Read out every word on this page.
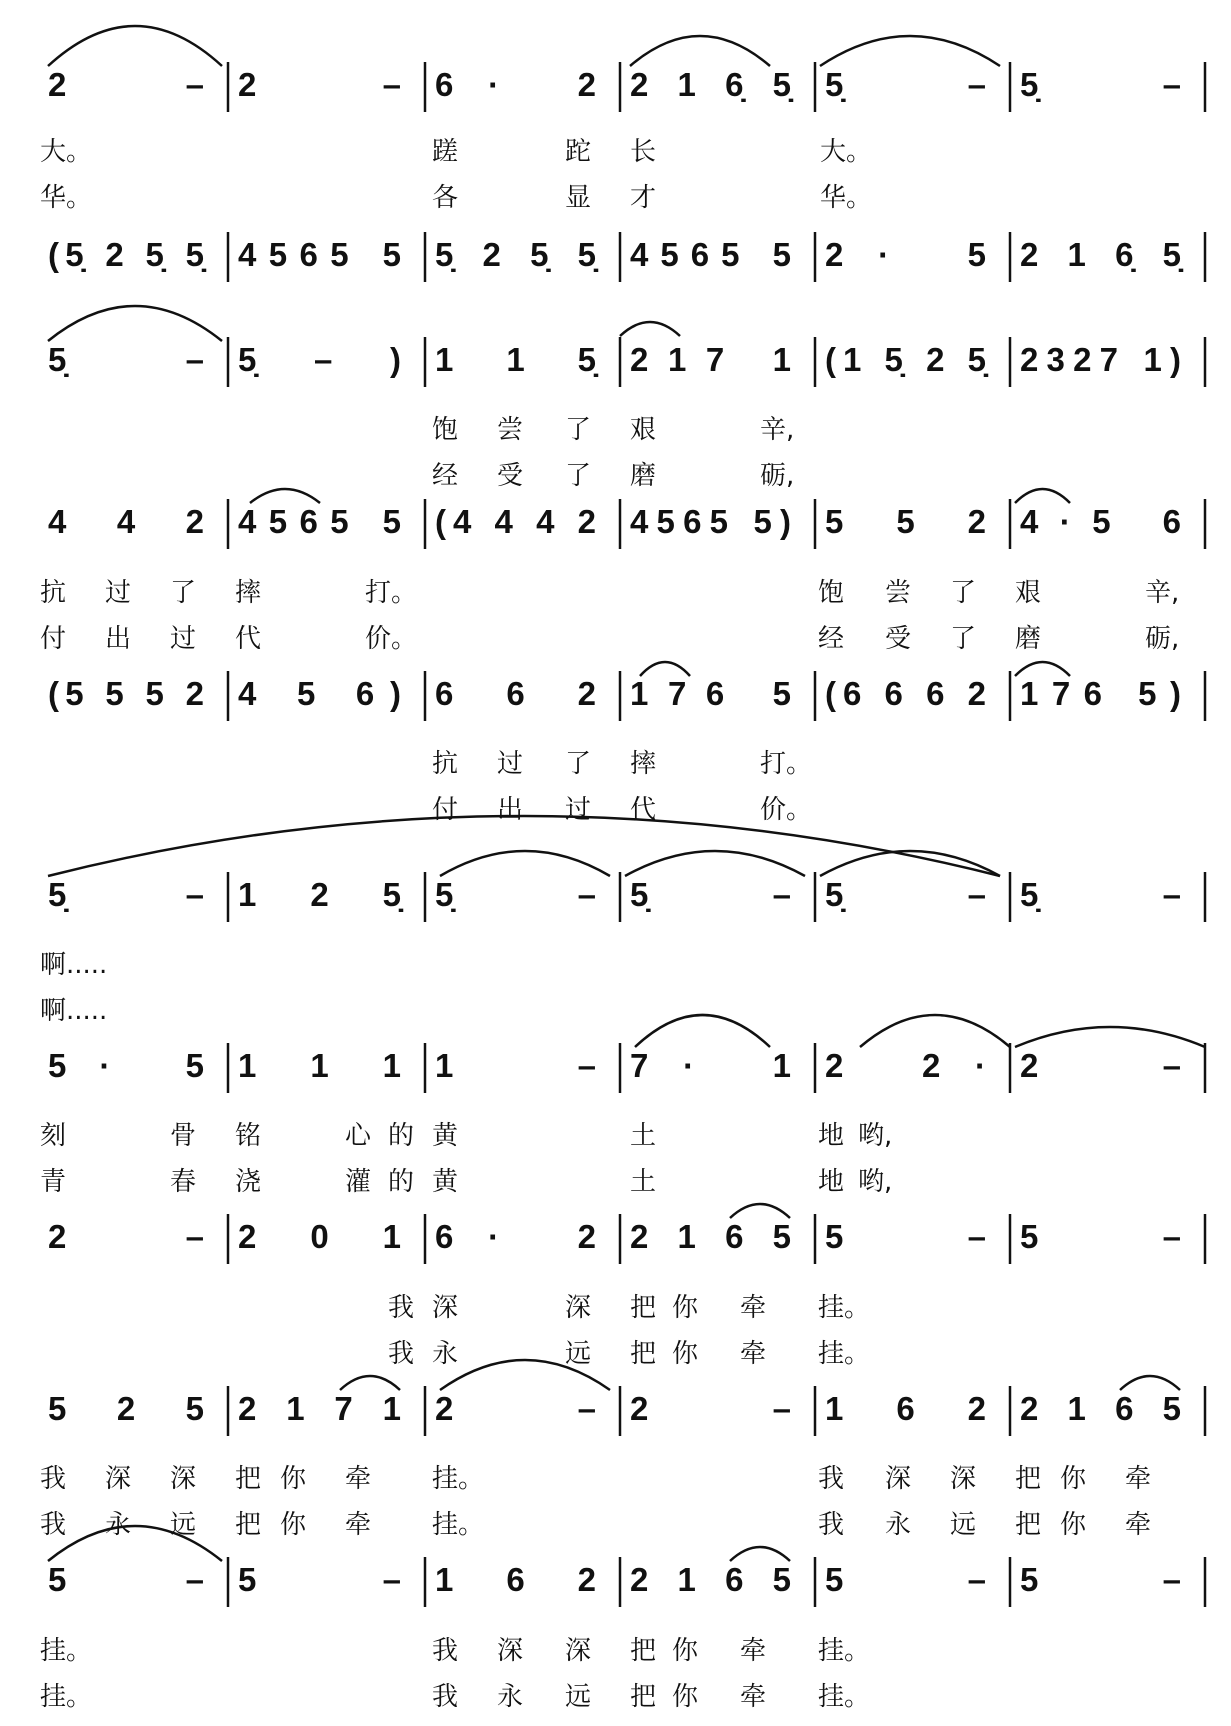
2 – 2 – 6· 2 2 1 6̣ 5̣ 5̣ – 5̣ –
大。	蹉	跎 长	大。
华。	各	显 才	华。
(5̣ 2 5̣ 5̣ 4565 5 5̣ 2 5̣ 5̣ 4565 5 2· 5 2 1 6̣ 5̣
5̣ – 5̣ – ) 1 1 5̣ 217 1 (1 5̣ 2 5̣ 2327 1)
饱 尝 了 艰	辛,
经 受 了 磨	砺,
4 4 2 4565 5 (4 4 4 2 4565 5) 5 5 2 4·5 6
抗 过 了 摔	打。	饱 尝 了 艰	辛,
付 出 过 代	价。	经 受 了 磨	砺,
(5 5 5 2 4 5 6) 6 6 2 176 5 (6 6 6 2 176 5)
抗 过 了 摔	打。
付 出 过 代	价。
5̣ – 1 2 5̣ 5̣ – 5̣ – 5̣ – 5̣ –
啊.....
啊.....
5· 5 1 1 1 1 – 7· 1 2 2· 2 –
刻	骨 铭	心 的 黄	土	地 哟,
青	春 浇	灌 的 黄	土	地 哟,
2 – 2 0 1 6· 2 2 1 6 5 5 – 5 –
我 深	深 把 你 牵 挂。
我 永	远 把 你 牵 挂。
5 2 5 2 1 7 1 2 – 2 – 1 6 2 2 1 6 5
我 深 深 把 你 牵 挂。	我 深 深 把 你 牵
我 永 远 把 你 牵 挂。	我 永 远 把 你 牵
5 – 5 – 1 6 2 2 1 6 5 5 – 5 –
挂。	我 深 深 把 你 牵 挂。
挂。	我 永 远 把 你 牵 挂。
